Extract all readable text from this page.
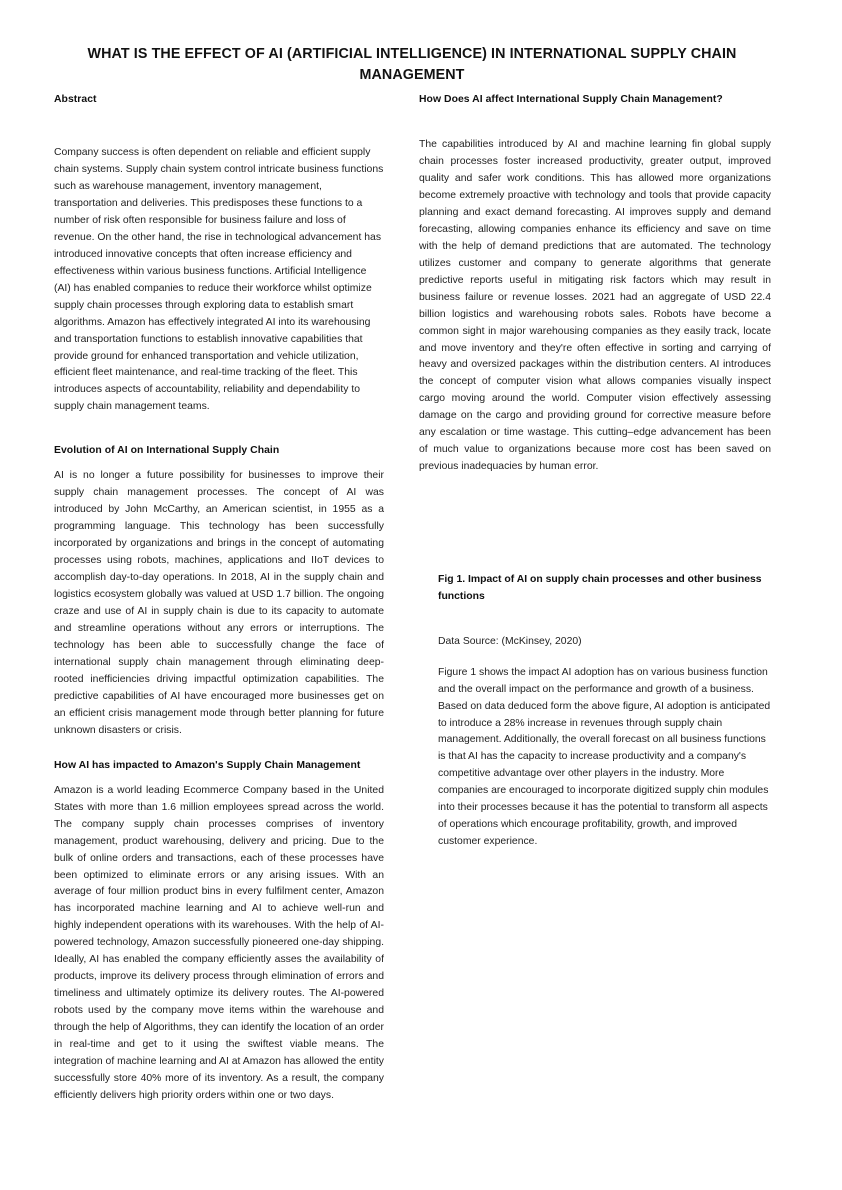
WHAT IS THE EFFECT OF AI (ARTIFICIAL INTELLIGENCE) IN INTERNATIONAL SUPPLY CHAIN MANAGEMENT
Abstract

Company success is often dependent on reliable and efficient supply chain systems. Supply chain system control intricate business functions such as warehouse management, inventory management, transportation and deliveries. This predisposes these functions to a number of risk often responsible for business failure and loss of revenue. On the other hand, the rise in technological advancement has introduced innovative concepts that often increase efficiency and effectiveness within various business functions. Artificial Intelligence (AI) has enabled companies to reduce their workforce whilst optimize supply chain processes through exploring data to establish smart algorithms. Amazon has effectively integrated AI into its warehousing and transportation functions to establish innovative capabilities that provide ground for enhanced transportation and vehicle utilization, efficient fleet maintenance, and real-time tracking of the fleet. This introduces aspects of accountability, reliability and dependability to supply chain management teams.

Evolution of AI on International Supply Chain

AI is no longer a future possibility for businesses to improve their supply chain management processes. The concept of AI was introduced by John McCarthy, an American scientist, in 1955 as a programming language. This technology has been successfully incorporated by organizations and brings in the concept of automating processes using robots, machines, applications and IIoT devices to accomplish day-to-day operations. In 2018, AI in the supply chain and logistics ecosystem globally was valued at USD 1.7 billion. The ongoing craze and use of AI in supply chain is due to its capacity to automate and streamline operations without any errors or interruptions. The technology has been able to successfully change the face of international supply chain management through eliminating deep-rooted inefficiencies driving impactful optimization capabilities. The predictive capabilities of AI have encouraged more businesses get on an efficient crisis management mode through better planning for future unknown disasters or crisis.

How AI has impacted to Amazon's Supply Chain Management

Amazon is a world leading Ecommerce Company based in the United States with more than 1.6 million employees spread across the world. The company supply chain processes comprises of inventory management, product warehousing, delivery and pricing. Due to the bulk of online orders and transactions, each of these processes have been optimized to eliminate errors or any arising issues. With an average of four million product bins in every fulfilment center, Amazon has incorporated machine learning and AI to achieve well-run and highly independent operations with its warehouses. With the help of AI-powered technology, Amazon successfully pioneered one-day shipping. Ideally, AI has enabled the company efficiently asses the availability of products, improve its delivery process through elimination of errors and timeliness and ultimately optimize its delivery routes. The AI-powered robots used by the company move items within the warehouse and through the help of Algorithms, they can identify the location of an order in real-time and get to it using the swiftest viable means. The integration of machine learning and AI at Amazon has allowed the entity successfully store 40% more of its inventory. As a result, the company efficiently delivers high priority orders within one or two days.

How Does AI affect International Supply Chain Management?

The capabilities introduced by AI and machine learning fin global supply chain processes foster increased productivity, greater output, improved quality and safer work conditions. This has allowed more organizations become extremely proactive with technology and tools that provide capacity planning and exact demand forecasting. AI improves supply and demand forecasting, allowing companies enhance its efficiency and save on time with the help of demand predictions that are automated. The technology utilizes customer and company to generate algorithms that generate predictive reports useful in mitigating risk factors which may result in business failure or revenue losses. 2021 had an aggregate of USD 22.4 billion logistics and warehousing robots sales. Robots have become a common sight in major warehousing companies as they easily track, locate and move inventory and they're often effective in sorting and carrying of heavy and oversized packages within the distribution centers. AI introduces the concept of computer vision what allows companies visually inspect cargo moving around the world. Computer vision effectively assessing damage on the cargo and providing ground for corrective measure before any escalation or time wastage. This cutting–edge advancement has been of much value to organizations because more cost has been saved on previous inadequacies by human error.

Fig 1. Impact of AI on supply chain processes and other business functions

Data Source: (McKinsey, 2020)

Figure 1 shows the impact AI adoption has on various business function and the overall impact on the performance and growth of a business. Based on data deduced form the above figure, AI adoption is anticipated to introduce a 28% increase in revenues through supply chain management. Additionally, the overall forecast on all business functions is that AI has the capacity to increase productivity and a company's competitive advantage over other players in the industry. More companies are encouraged to incorporate digitized supply chin modules into their processes because it has the potential to transform all aspects of operations which encourage profitability, growth, and improved customer experience.
